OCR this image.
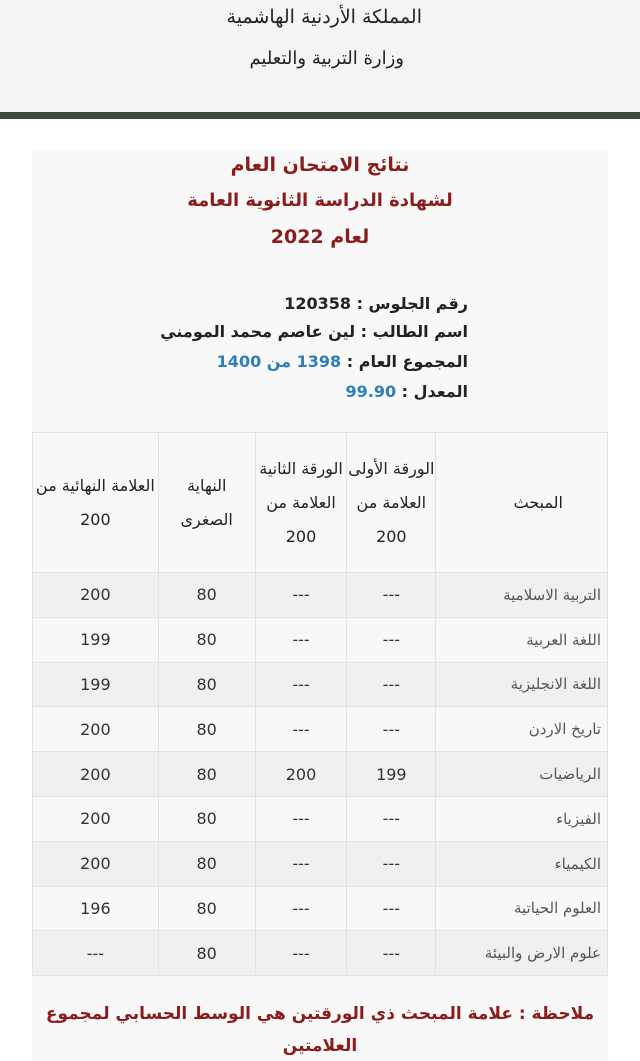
المملكة الأردنية الهاشمية
وزارة التربية والتعليم
نتائج الامتحان العام
لشهادة الدراسة الثانوية العامة
لعام 2022
رقم الجلوس : 120358
اسم الطالب : لين عاصم محمد المومني
المجموع العام : 1398 من 1400
المعدل : 99.90
المبحث	الورقة الأولى العلامة من 200	الورقة الثانية العلامة من 200	النهاية الصغرى	العلامة النهائية من 200
التربية الاسلامية	---	---	80	200
اللغة العربية	---	---	80	199
اللغة الانجليزية	---	---	80	199
تاريخ الاردن	---	---	80	200
الرياضيات	199	200	80	200
الفيزياء	---	---	80	200
الكيمياء	---	---	80	200
العلوم الحياتية	---	---	80	196
علوم الارض والبيئة	---	---	80	---
ملاحظة : علامة المبحث ذي الورقتين هي الوسط الحسابي لمجموع العلامتين
